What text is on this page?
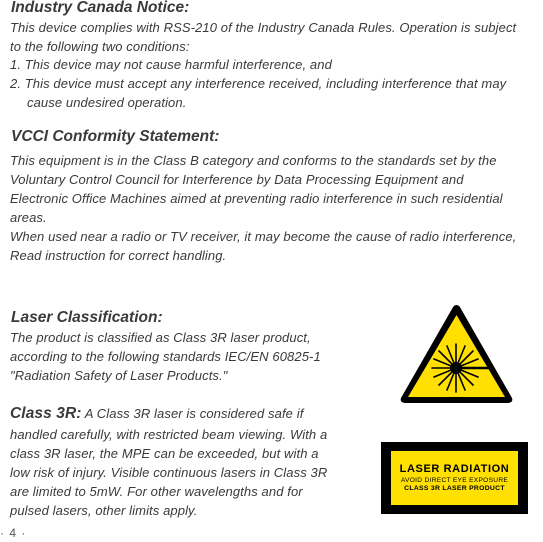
Industry Canada Notice:
This device complies with RSS-210 of the Industry Canada Rules. Operation is subject
to the following two conditions:
1. This device may not cause harmful interference, and
2. This device must accept any interference received, including interference that may
cause undesired operation.
VCCI Conformity Statement:
This equipment is in the Class B category and conforms to the standards set by the
Voluntary Control Council for Interference by Data Processing Equipment and
Electronic Office Machines aimed at preventing radio interference in such residential
areas.
When used near a radio or TV receiver, it may become the cause of radio interference,
Read instruction for correct handling.
Laser Classification:
The product is classified as Class 3R laser product,
according to the following standards IEC/EN 60825-1
"Radiation Safety of Laser Products."
Class 3R: A Class 3R laser is considered safe if
handled carefully, with restricted beam viewing. With a
class 3R laser, the MPE can be exceeded, but with a
low risk of injury. Visible continuous lasers in Class 3R
are limited to 5mW. For other wavelengths and for
pulsed lasers, other limits apply.
LASER RADIATION
AVOID DIRECT EYE EXPOSURE
CLASS 3R LASER PRODUCT
· 4 ·
